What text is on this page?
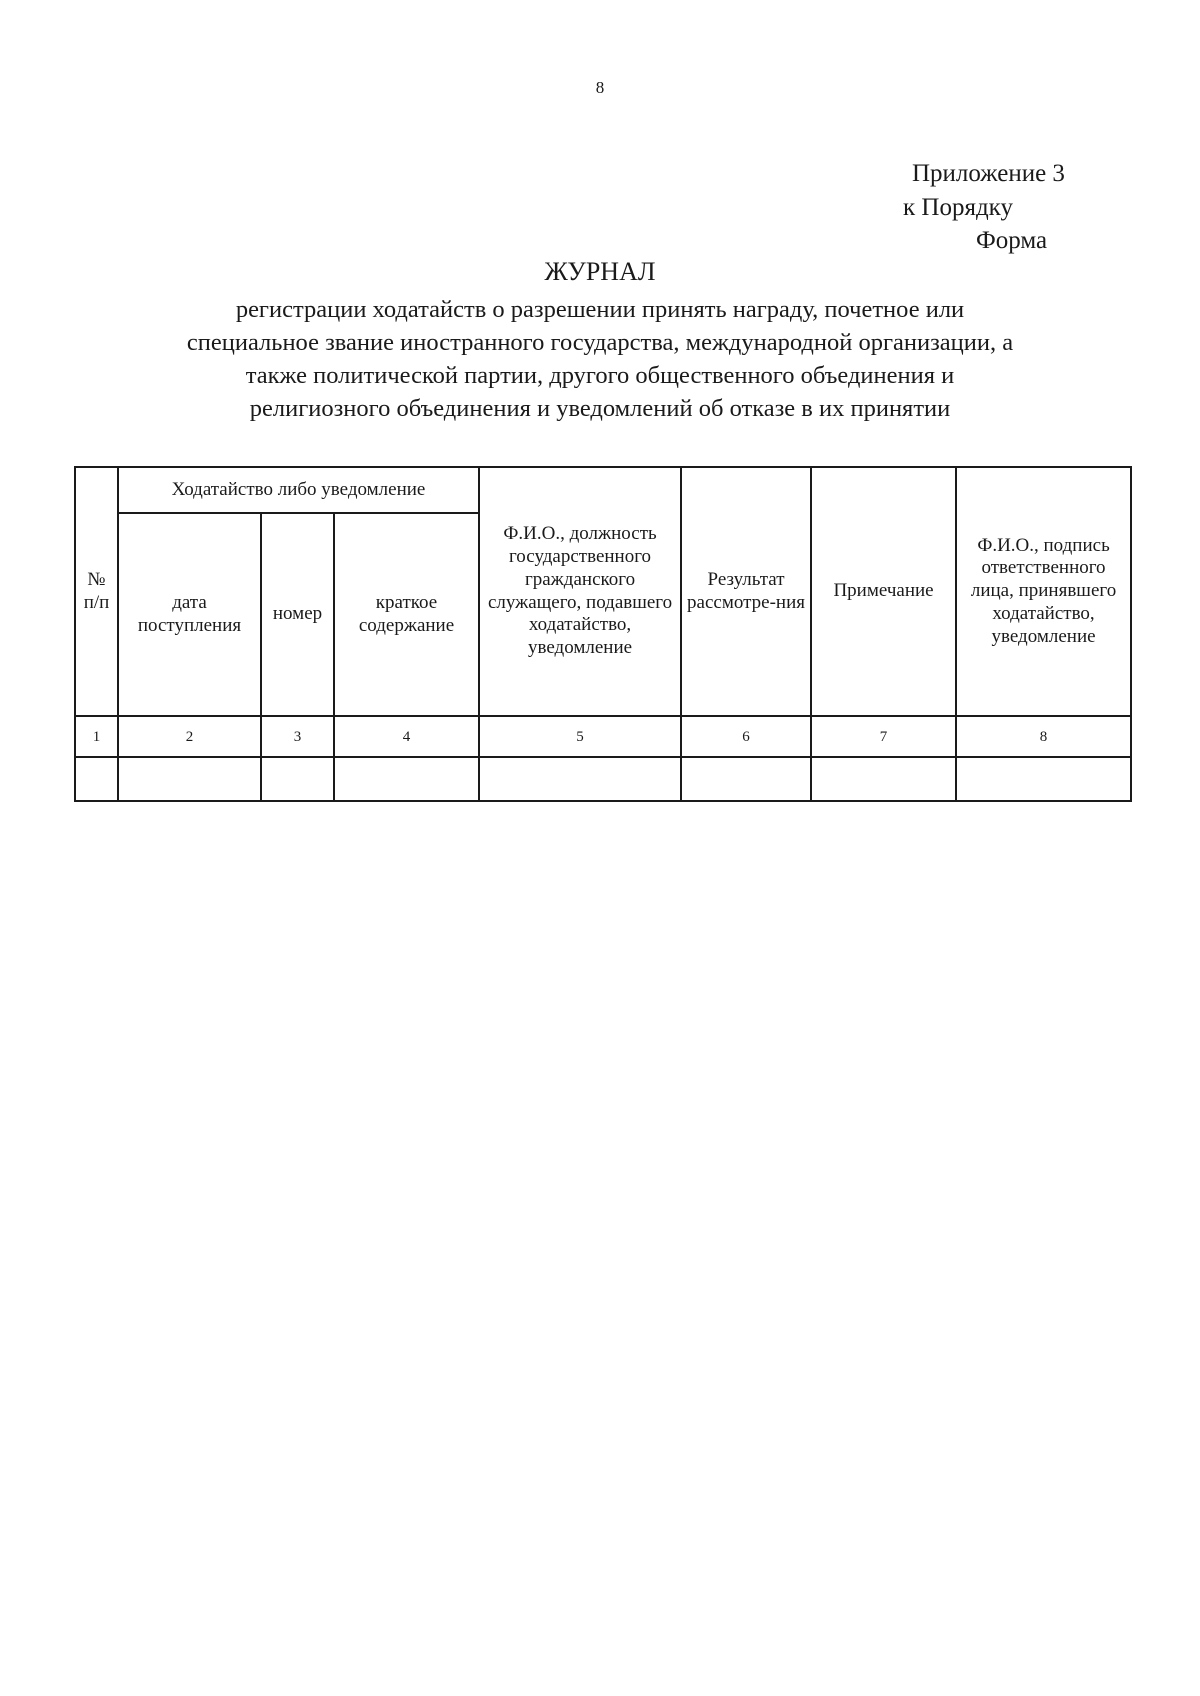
8
Приложение 3
к Порядку
Форма
ЖУРНАЛ
регистрации ходатайств о разрешении принять награду, почетное или
специальное звание иностранного государства, международной организации, а
также политической партии, другого общественного объединения и
религиозного объединения и уведомлений об отказе в их принятии
№ п/п	Ходатайство либо уведомление			Ф.И.О., должность государственного гражданского служащего, подавшего ходатайство, уведомление	Результат рассмотре-ния	Примечание	Ф.И.О., подпись ответственного лица, принявшего ходатайство, уведомление
	дата поступления	номер	краткое содержание				
1	2	3	4	5	6	7	8
